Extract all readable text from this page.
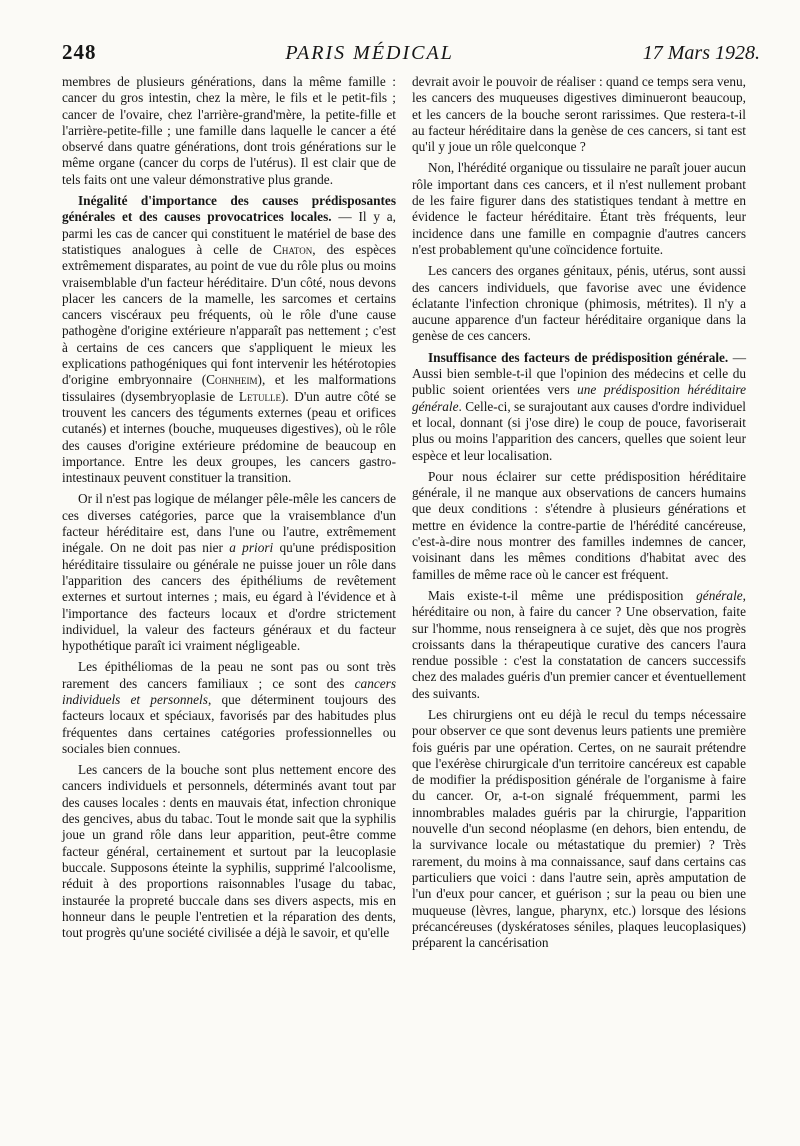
248	PARIS MÉDICAL	17 Mars 1928.

membres de plusieurs générations, dans la même famille : cancer du gros intestin, chez la mère, le fils et le petit-fils ; cancer de l'ovaire, chez l'arrière-grand'mère, la petite-fille et l'arrière-petite-fille ; une famille dans laquelle le cancer a été observé dans quatre générations, dont trois générations sur le même organe (cancer du corps de l'utérus). Il est clair que de tels faits ont une valeur démonstrative plus grande.

Inégalité d'importance des causes prédisposantes générales et des causes provocatrices locales. — Il y a, parmi les cas de cancer qui constituent le matériel de base des statistiques analogues à celle de Chaton, des espèces extrêmement disparates, au point de vue du rôle plus ou moins vraisemblable d'un facteur héréditaire. D'un côté, nous devons placer les cancers de la mamelle, les sarcomes et certains cancers viscéraux peu fréquents, où le rôle d'une cause pathogène d'origine extérieure n'apparaît pas nettement ; c'est à certains de ces cancers que s'appliquent le mieux les explications pathogéniques qui font intervenir les hétérotopies d'origine embryonnaire (Cohnheim), et les malformations tissulaires (dysembryoplasie de Letulle). D'un autre côté se trouvent les cancers des téguments externes (peau et orifices cutanés) et internes (bouche, muqueuses digestives), où le rôle des causes d'origine extérieure prédomine de beaucoup en importance. Entre les deux groupes, les cancers gastro-intestinaux peuvent constituer la transition.

Or il n'est pas logique de mélanger pêle-mêle les cancers de ces diverses catégories, parce que la vraisemblance d'un facteur héréditaire est, dans l'une ou l'autre, extrêmement inégale. On ne doit pas nier a priori qu'une prédisposition héréditaire tissulaire ou générale ne puisse jouer un rôle dans l'apparition des cancers des épithéliums de revêtement externes et surtout internes ; mais, eu égard à l'évidence et à l'importance des facteurs locaux et d'ordre strictement individuel, la valeur des facteurs généraux et du facteur hypothétique paraît ici vraiment négligeable.

Les épithéliomas de la peau ne sont pas ou sont très rarement des cancers familiaux ; ce sont des cancers individuels et personnels, que déterminent toujours des facteurs locaux et spéciaux, favorisés par des habitudes plus fréquentes dans certaines catégories professionnelles ou sociales bien connues.

Les cancers de la bouche sont plus nettement encore des cancers individuels et personnels, déterminés avant tout par des causes locales : dents en mauvais état, infection chronique des gencives, abus du tabac. Tout le monde sait que la syphilis joue un grand rôle dans leur apparition, peut-être comme facteur général, certainement et surtout par la leucoplasie buccale. Supposons éteinte la syphilis, supprimé l'alcoolisme, réduit à des proportions raisonnables l'usage du tabac, instaurée la propreté buccale dans ses divers aspects, mis en honneur dans le peuple l'entretien et la réparation des dents, tout progrès qu'une société civilisée a déjà le savoir, et qu'elle

devrait avoir le pouvoir de réaliser : quand ce temps sera venu, les cancers des muqueuses digestives diminueront beaucoup, et les cancers de la bouche seront rarissimes. Que restera-t-il au facteur héréditaire dans la genèse de ces cancers, si tant est qu'il y joue un rôle quelconque ?

Non, l'hérédité organique ou tissulaire ne paraît jouer aucun rôle important dans ces cancers, et il n'est nullement probant de les faire figurer dans des statistiques tendant à mettre en évidence le facteur héréditaire. Étant très fréquents, leur incidence dans une famille en compagnie d'autres cancers n'est probablement qu'une coïncidence fortuite.

Les cancers des organes génitaux, pénis, utérus, sont aussi des cancers individuels, que favorise avec une évidence éclatante l'infection chronique (phimosis, métrites). Il n'y a aucune apparence d'un facteur héréditaire organique dans la genèse de ces cancers.

Insuffisance des facteurs de prédisposition générale. — Aussi bien semble-t-il que l'opinion des médecins et celle du public soient orientées vers une prédisposition héréditaire générale. Celle-ci, se surajoutant aux causes d'ordre individuel et local, donnant (si j'ose dire) le coup de pouce, favoriserait plus ou moins l'apparition des cancers, quelles que soient leur espèce et leur localisation.

Pour nous éclairer sur cette prédisposition héréditaire générale, il ne manque aux observations de cancers humains que deux conditions : s'étendre à plusieurs générations et mettre en évidence la contre-partie de l'hérédité cancéreuse, c'est-à-dire nous montrer des familles indemnes de cancer, voisinant dans les mêmes conditions d'habitat avec des familles de même race où le cancer est fréquent.

Mais existe-t-il même une prédisposition générale, héréditaire ou non, à faire du cancer ? Une observation, faite sur l'homme, nous renseignera à ce sujet, dès que nos progrès croissants dans la thérapeutique curative des cancers l'aura rendue possible : c'est la constatation de cancers successifs chez des malades guéris d'un premier cancer et éventuellement des suivants.

Les chirurgiens ont eu déjà le recul du temps nécessaire pour observer ce que sont devenus leurs patients une première fois guéris par une opération. Certes, on ne saurait prétendre que l'exérèse chirurgicale d'un territoire cancéreux est capable de modifier la prédisposition générale de l'organisme à faire du cancer. Or, a-t-on signalé fréquemment, parmi les innombrables malades guéris par la chirurgie, l'apparition nouvelle d'un second néoplasme (en dehors, bien entendu, de la survivance locale ou métastatique du premier) ? Très rarement, du moins à ma connaissance, sauf dans certains cas particuliers que voici : dans l'autre sein, après amputation de l'un d'eux pour cancer, et guérison ; sur la peau ou bien une muqueuse (lèvres, langue, pharynx, etc.) lorsque des lésions précancéreuses (dyskératoses séniles, plaques leucoplasiques) préparent la cancérisation
